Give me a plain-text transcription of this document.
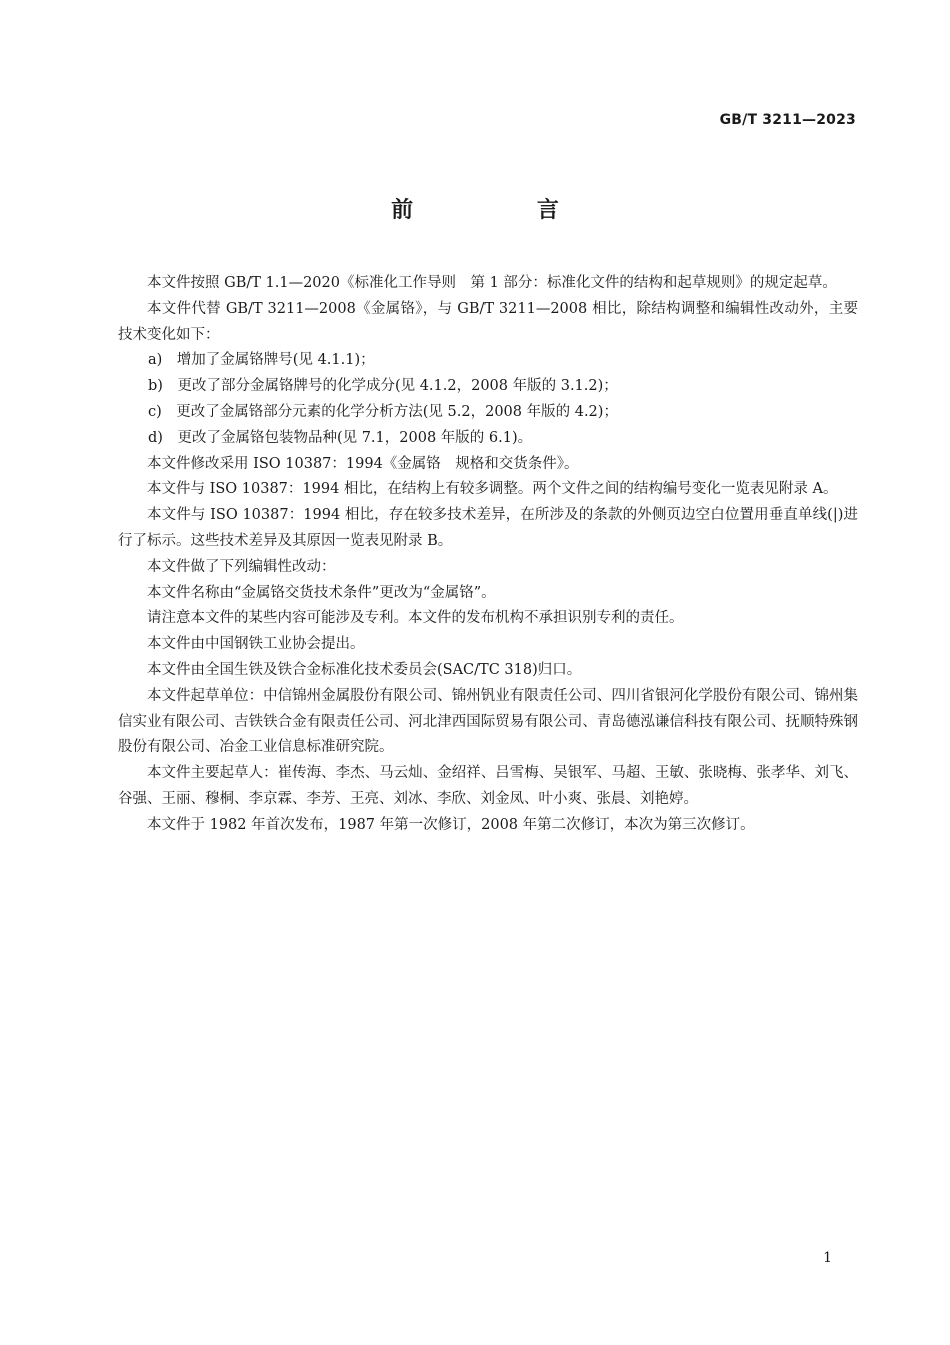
GB/T 3211—2023
前 言

本文件按照 GB/T 1.1—2020《标准化工作导则　第 1 部分：标准化文件的结构和起草规则》的规定起草。

本文件代替 GB/T 3211—2008《金属铬》，与 GB/T 3211—2008 相比，除结构调整和编辑性改动外，主要技术变化如下：

a)　增加了金属铬牌号(见 4.1.1)；

b)　更改了部分金属铬牌号的化学成分(见 4.1.2，2008 年版的 3.1.2)；

c)　更改了金属铬部分元素的化学分析方法(见 5.2，2008 年版的 4.2)；

d)　更改了金属铬包装物品种(见 7.1，2008 年版的 6.1)。

本文件修改采用 ISO 10387：1994《金属铬　规格和交货条件》。

本文件与 ISO 10387：1994 相比，在结构上有较多调整。两个文件之间的结构编号变化一览表见附录 A。

本文件与 ISO 10387：1994 相比，存在较多技术差异，在所涉及的条款的外侧页边空白位置用垂直单线(|)进行了标示。这些技术差异及其原因一览表见附录 B。

本文件做了下列编辑性改动：

本文件名称由“金属铬交货技术条件”更改为“金属铬”。

请注意本文件的某些内容可能涉及专利。本文件的发布机构不承担识别专利的责任。

本文件由中国钢铁工业协会提出。

本文件由全国生铁及铁合金标准化技术委员会(SAC/TC 318)归口。

本文件起草单位：中信锦州金属股份有限公司、锦州钒业有限责任公司、四川省银河化学股份有限公司、锦州集信实业有限公司、吉铁铁合金有限责任公司、河北津西国际贸易有限公司、青岛德泓谦信科技有限公司、抚顺特殊钢股份有限公司、冶金工业信息标准研究院。

本文件主要起草人：崔传海、李杰、马云灿、金绍祥、吕雪梅、吴银军、马超、王敏、张晓梅、张孝华、刘飞、谷强、王丽、穆桐、李京霖、李芳、王亮、刘冰、李欣、刘金凤、叶小爽、张晨、刘艳婷。

本文件于 1982 年首次发布，1987 年第一次修订，2008 年第二次修订，本次为第三次修订。

1
